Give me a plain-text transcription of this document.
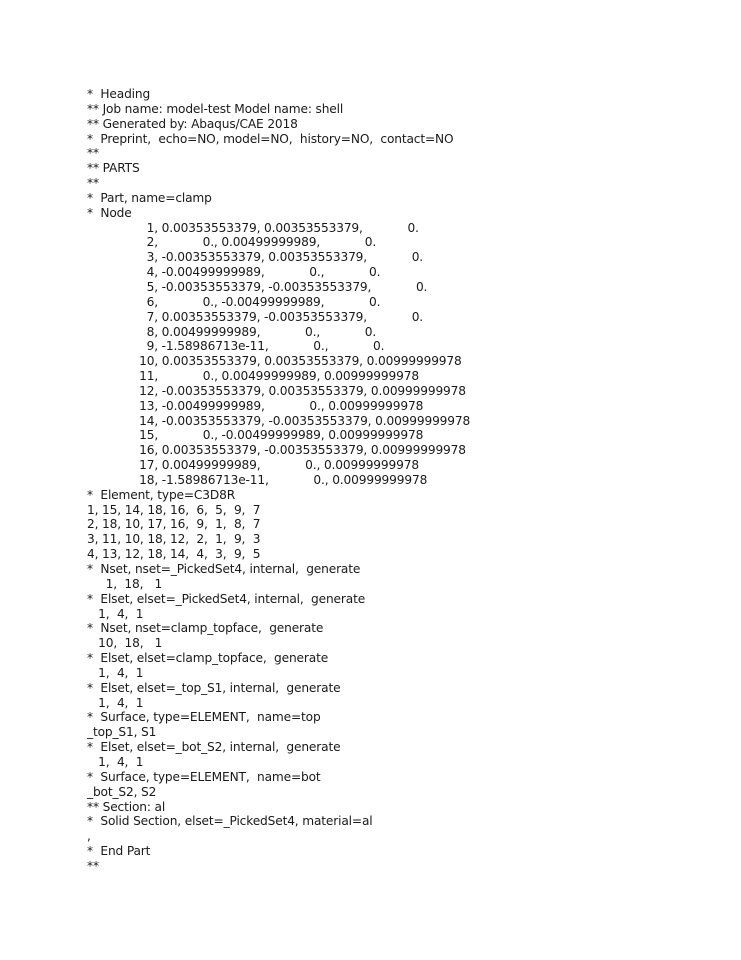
*  Heading
** Job name: model-test Model name: shell
** Generated by: Abaqus/CAE 2018
*  Preprint,  echo=NO, model=NO,  history=NO,  contact=NO
**
** PARTS
**
*  Part, name=clamp
*  Node
1, 0.00353553379, 0.00353553379,            0.
2,            0., 0.00499999989,            0.
3, -0.00353553379, 0.00353553379,            0.
4, -0.00499999989,            0.,            0.
5, -0.00353553379, -0.00353553379,            0.
6,            0., -0.00499999989,            0.
7, 0.00353553379, -0.00353553379,            0.
8, 0.00499999989,            0.,            0.
9, -1.58986713e-11,            0.,            0.
10, 0.00353553379, 0.00353553379, 0.00999999978
11,            0., 0.00499999989, 0.00999999978
12, -0.00353553379, 0.00353553379, 0.00999999978
13, -0.00499999989,            0., 0.00999999978
14, -0.00353553379, -0.00353553379, 0.00999999978
15,            0., -0.00499999989, 0.00999999978
16, 0.00353553379, -0.00353553379, 0.00999999978
17, 0.00499999989,            0., 0.00999999978
18, -1.58986713e-11,            0., 0.00999999978
*  Element, type=C3D8R
1, 15, 14, 18, 16,  6,  5,  9,  7
2, 18, 10, 17, 16,  9,  1,  8,  7
3, 11, 10, 18, 12,  2,  1,  9,  3
4, 13, 12, 18, 14,  4,  3,  9,  5
*  Nset, nset=_PickedSet4, internal,  generate
1,  18,   1
*  Elset, elset=_PickedSet4, internal,  generate
1,  4,  1
*  Nset, nset=clamp_topface,  generate
10,  18,   1
*  Elset, elset=clamp_topface,  generate
1,  4,  1
*  Elset, elset=_top_S1, internal,  generate
1,  4,  1
*  Surface, type=ELEMENT,  name=top
_top_S1, S1
*  Elset, elset=_bot_S2, internal,  generate
1,  4,  1
*  Surface, type=ELEMENT,  name=bot
_bot_S2, S2
** Section: al
*  Solid Section, elset=_PickedSet4, material=al
,
*  End Part
**
